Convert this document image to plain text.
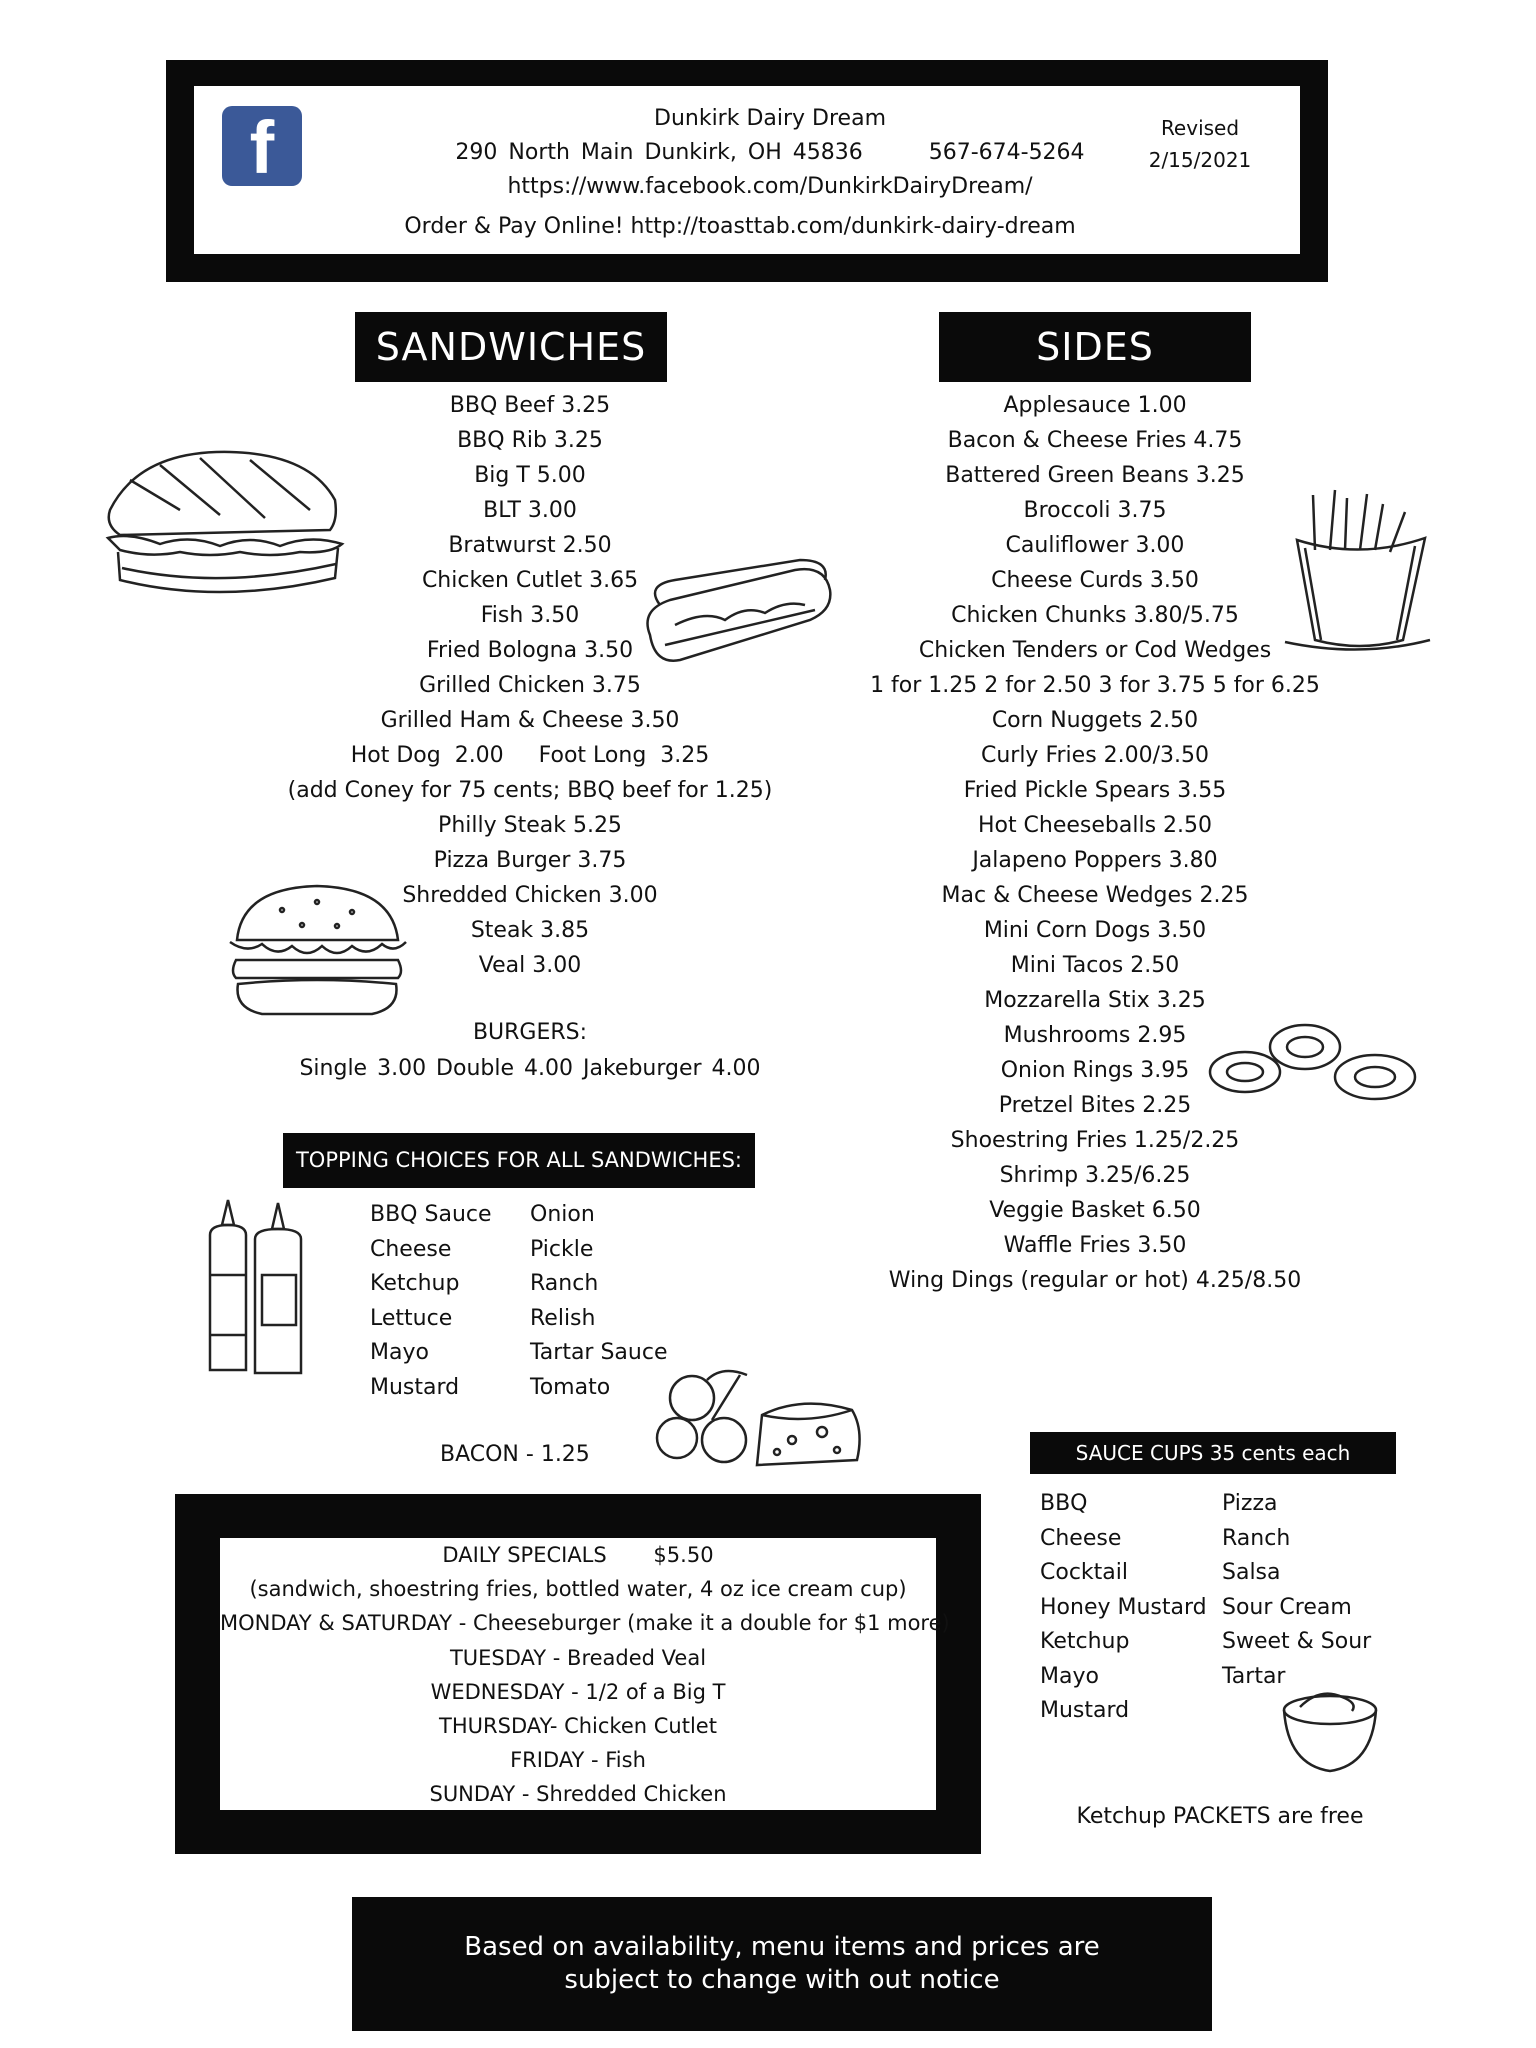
f	Dunkirk Dairy Dream
290 North Main Dunkirk, OH 45836	567-674-5264
https://www.facebook.com/DunkirkDairyDream/
Order & Pay Online! http://toasttab.com/dunkirk-dairy-dream
Revised
2/15/2021
SANDWICHES
BBQ Beef 3.25
BBQ Rib 3.25
Big T 5.00
BLT 3.00
Bratwurst 2.50
Chicken Cutlet 3.65
Fish 3.50
Fried Bologna 3.50
Grilled Chicken 3.75
Grilled Ham & Cheese 3.50
Hot Dog  2.00     Foot Long  3.25
(add Coney for 75 cents; BBQ beef for 1.25)
Philly Steak 5.25
Pizza Burger 3.75
Shredded Chicken 3.00
Steak 3.85
Veal 3.00
BURGERS:
Single 3.00 Double 4.00 Jakeburger 4.00
TOPPING CHOICES FOR ALL SANDWICHES:
BBQ Sauce
Cheese
Ketchup
Lettuce
Mayo
Mustard
Onion
Pickle
Ranch
Relish
Tartar Sauce
Tomato
BACON - 1.25
SIDES
Applesauce 1.00
Bacon & Cheese Fries 4.75
Battered Green Beans 3.25
Broccoli 3.75
Cauliflower 3.00
Cheese Curds 3.50
Chicken Chunks 3.80/5.75
Chicken Tenders or Cod Wedges
1 for 1.25 2 for 2.50 3 for 3.75 5 for 6.25
Corn Nuggets 2.50
Curly Fries 2.00/3.50
Fried Pickle Spears 3.55
Hot Cheeseballs 2.50
Jalapeno Poppers 3.80
Mac & Cheese Wedges 2.25
Mini Corn Dogs 3.50
Mini Tacos 2.50
Mozzarella Stix 3.25
Mushrooms 2.95
Onion Rings 3.95
Pretzel Bites 2.25
Shoestring Fries 1.25/2.25
Shrimp 3.25/6.25
Veggie Basket 6.50
Waffle Fries 3.50
Wing Dings (regular or hot) 4.25/8.50
SAUCE CUPS 35 cents each
BBQ
Cheese
Cocktail
Honey Mustard
Ketchup
Mayo
Mustard
Pizza
Ranch
Salsa
Sour Cream
Sweet & Sour
Tartar
Ketchup PACKETS are free
DAILY SPECIALS       $5.50
(sandwich, shoestring fries, bottled water, 4 oz ice cream cup)
MONDAY & SATURDAY - Cheeseburger (make it a double for $1 more)
TUESDAY - Breaded Veal
WEDNESDAY - 1/2 of a Big T
THURSDAY- Chicken Cutlet
FRIDAY - Fish
SUNDAY - Shredded Chicken
Based on availability, menu items and prices are
subject to change with out notice
